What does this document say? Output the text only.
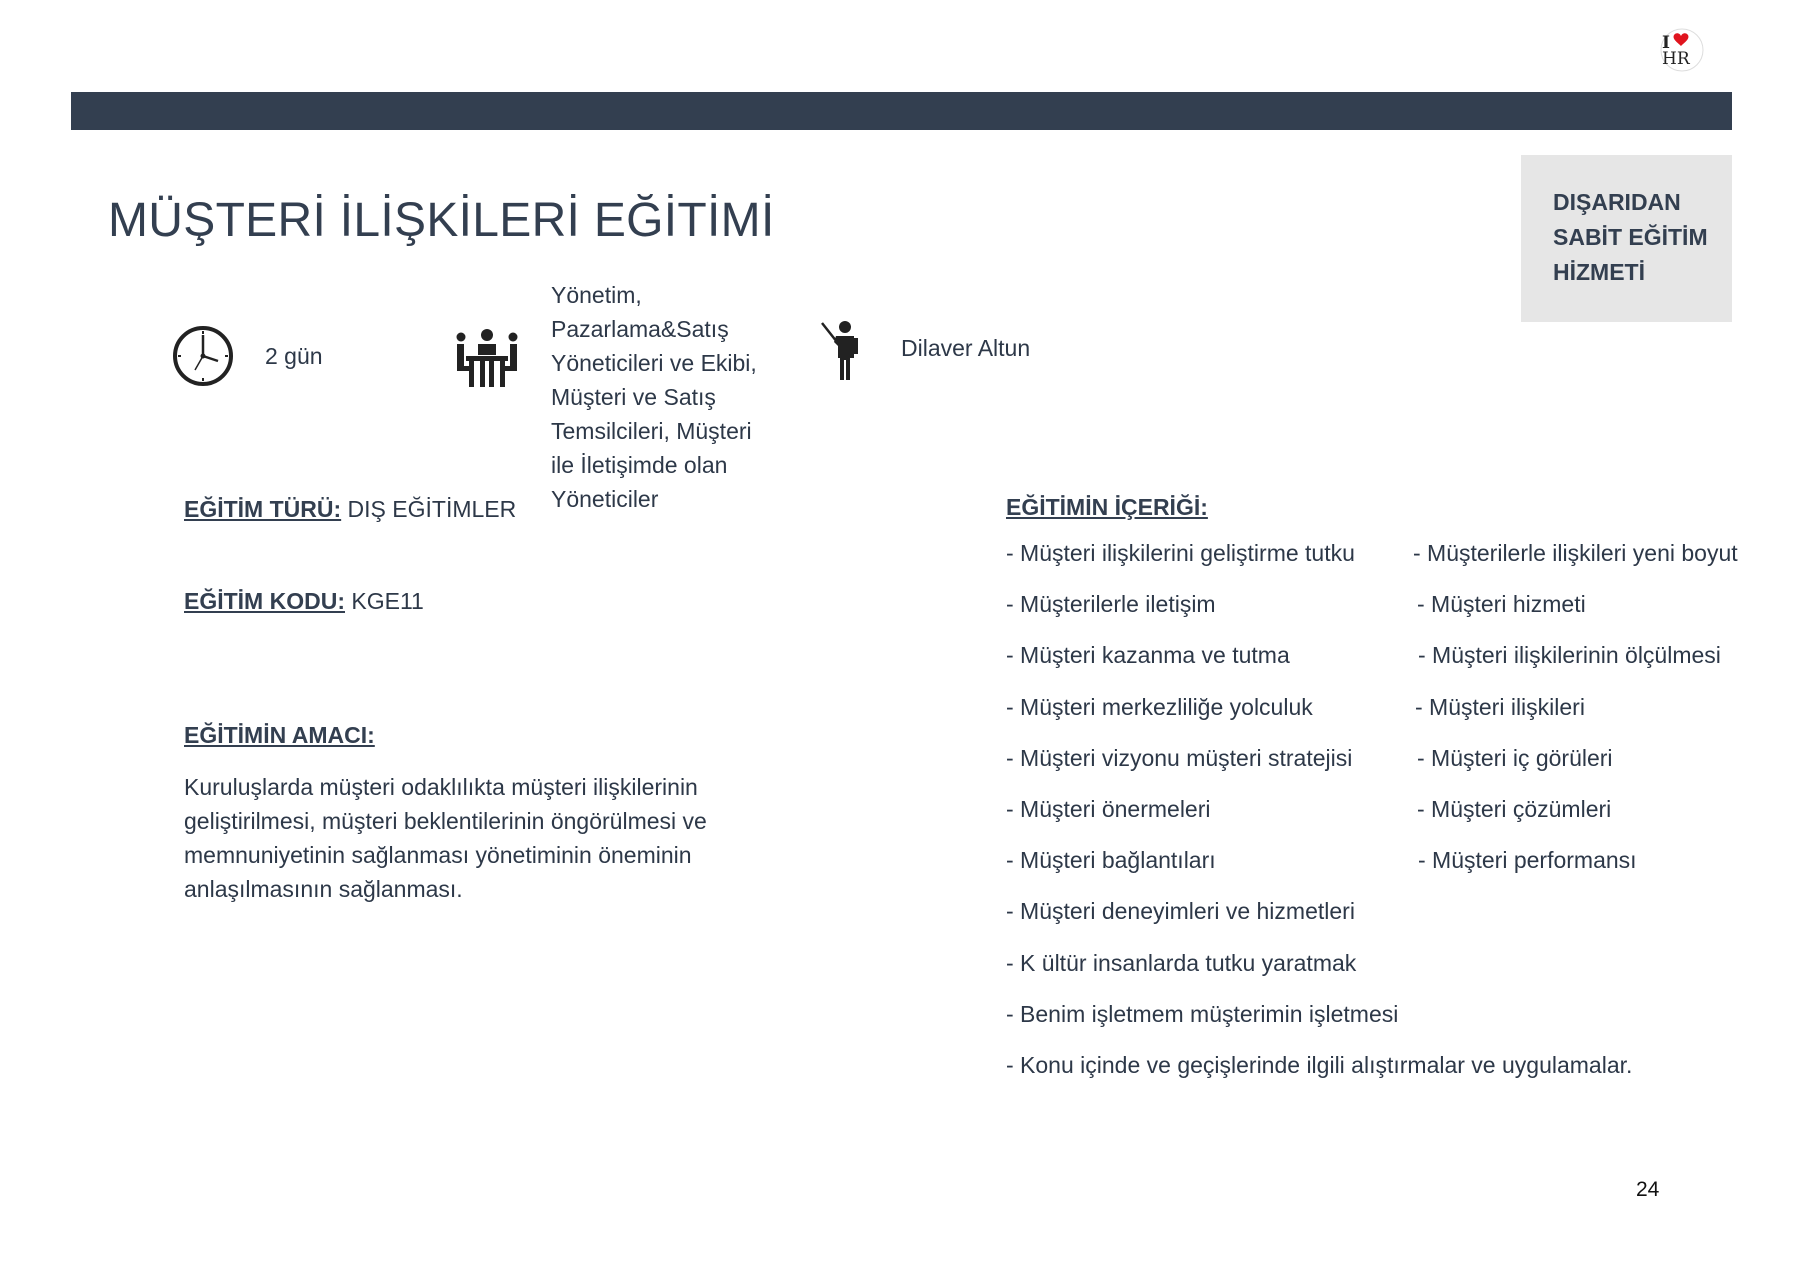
I
HR
DIŞARIDAN SABİT EĞİTİM HİZMETİ
MÜŞTERİ İLİŞKİLERİ EĞİTİMİ
2 gün
Yönetim, Pazarlama&Satış Yöneticileri ve Ekibi, Müşteri ve Satış Temsilcileri, Müşteri ile İletişimde olan Yöneticiler
Dilaver Altun
EĞİTİM TÜRÜ: DIŞ EĞİTİMLER
EĞİTİM KODU: KGE11
EĞİTİMİN AMACI:
Kuruluşlarda müşteri odaklılıkta müşteri ilişkilerinin geliştirilmesi, müşteri beklentilerinin öngörülmesi ve memnuniyetinin sağlanması yönetiminin öneminin anlaşılmasının sağlanması.
EĞİTİMİN İÇERİĞİ:
- Müşteri ilişkilerini geliştirme tutku	- Müşterilerle ilişkileri yeni boyut
- Müşterilerle iletişim	- Müşteri hizmeti
- Müşteri kazanma ve tutma	- Müşteri ilişkilerinin ölçülmesi
- Müşteri merkezliliğe yolculuk	- Müşteri ilişkileri
- Müşteri vizyonu müşteri stratejisi	- Müşteri iç görüleri
- Müşteri önermeleri	- Müşteri çözümleri
- Müşteri bağlantıları	- Müşteri performansı
- Müşteri deneyimleri ve hizmetleri
- K ültür insanlarda tutku yaratmak
- Benim işletmem müşterimin işletmesi
- Konu içinde ve geçişlerinde ilgili alıştırmalar ve uygulamalar.
24
